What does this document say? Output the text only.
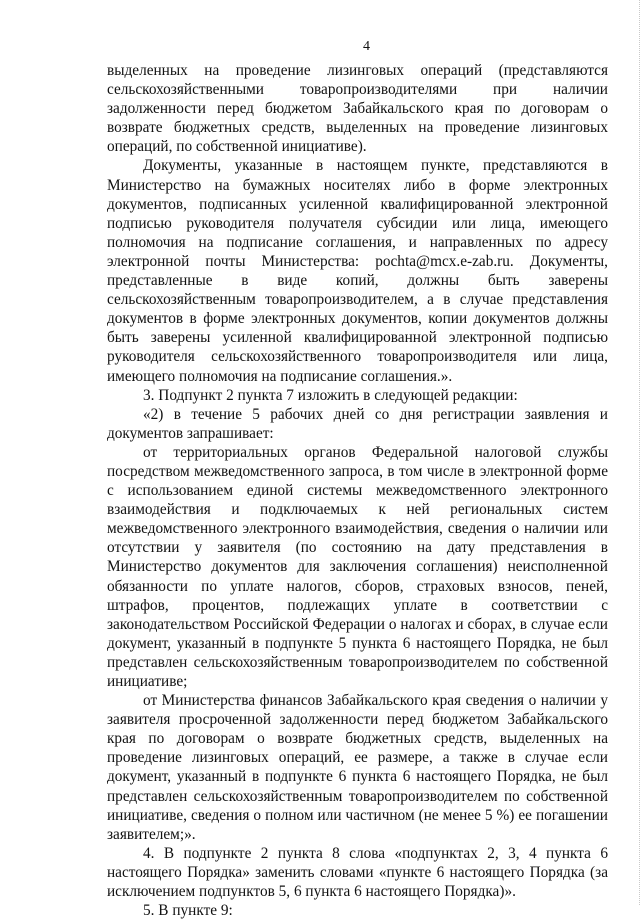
4

выделенных на проведение лизинговых операций (представляются сельскохозяйственными товаропроизводителями при наличии задолженности перед бюджетом Забайкальского края по договорам о возврате бюджетных средств, выделенных на проведение лизинговых операций, по собственной инициативе).

Документы, указанные в настоящем пункте, представляются в Министерство на бумажных носителях либо в форме электронных документов, подписанных усиленной квалифицированной электронной подписью руководителя получателя субсидии или лица, имеющего полномочия на подписание соглашения, и направленных по адресу электронной почты Министерства: pochta@mcx.e-zab.ru. Документы, представленные в виде копий, должны быть заверены сельскохозяйственным товаропроизводителем, а в случае представления документов в форме электронных документов, копии документов должны быть заверены усиленной квалифицированной электронной подписью руководителя сельскохозяйственного товаропроизводителя или лица, имеющего полномочия на подписание соглашения.».

3. Подпункт 2 пункта 7 изложить в следующей редакции:

«2) в течение 5 рабочих дней со дня регистрации заявления и документов запрашивает:

от территориальных органов Федеральной налоговой службы посредством межведомственного запроса, в том числе в электронной форме с использованием единой системы межведомственного электронного взаимодействия и подключаемых к ней региональных систем межведомственного электронного взаимодействия, сведения о наличии или отсутствии у заявителя (по состоянию на дату представления в Министерство документов для заключения соглашения) неисполненной обязанности по уплате налогов, сборов, страховых взносов, пеней, штрафов, процентов, подлежащих уплате в соответствии с законодательством Российской Федерации о налогах и сборах, в случае если документ, указанный в подпункте 5 пункта 6 настоящего Порядка, не был представлен сельскохозяйственным товаропроизводителем по собственной инициативе;

от Министерства финансов Забайкальского края сведения о наличии у заявителя просроченной задолженности перед бюджетом Забайкальского края по договорам о возврате бюджетных средств, выделенных на проведение лизинговых операций, ее размере, а также в случае если документ, указанный в подпункте 6 пункта 6 настоящего Порядка, не был представлен сельскохозяйственным товаропроизводителем по собственной инициативе, сведения о полном или частичном (не менее 5 %) ее погашении заявителем;».

4. В подпункте 2 пункта 8 слова «подпунктах 2, 3, 4 пункта 6 настоящего Порядка» заменить словами «пункте 6 настоящего Порядка (за исключением подпунктов 5, 6 пункта 6 настоящего Порядка)».

5. В пункте 9:
